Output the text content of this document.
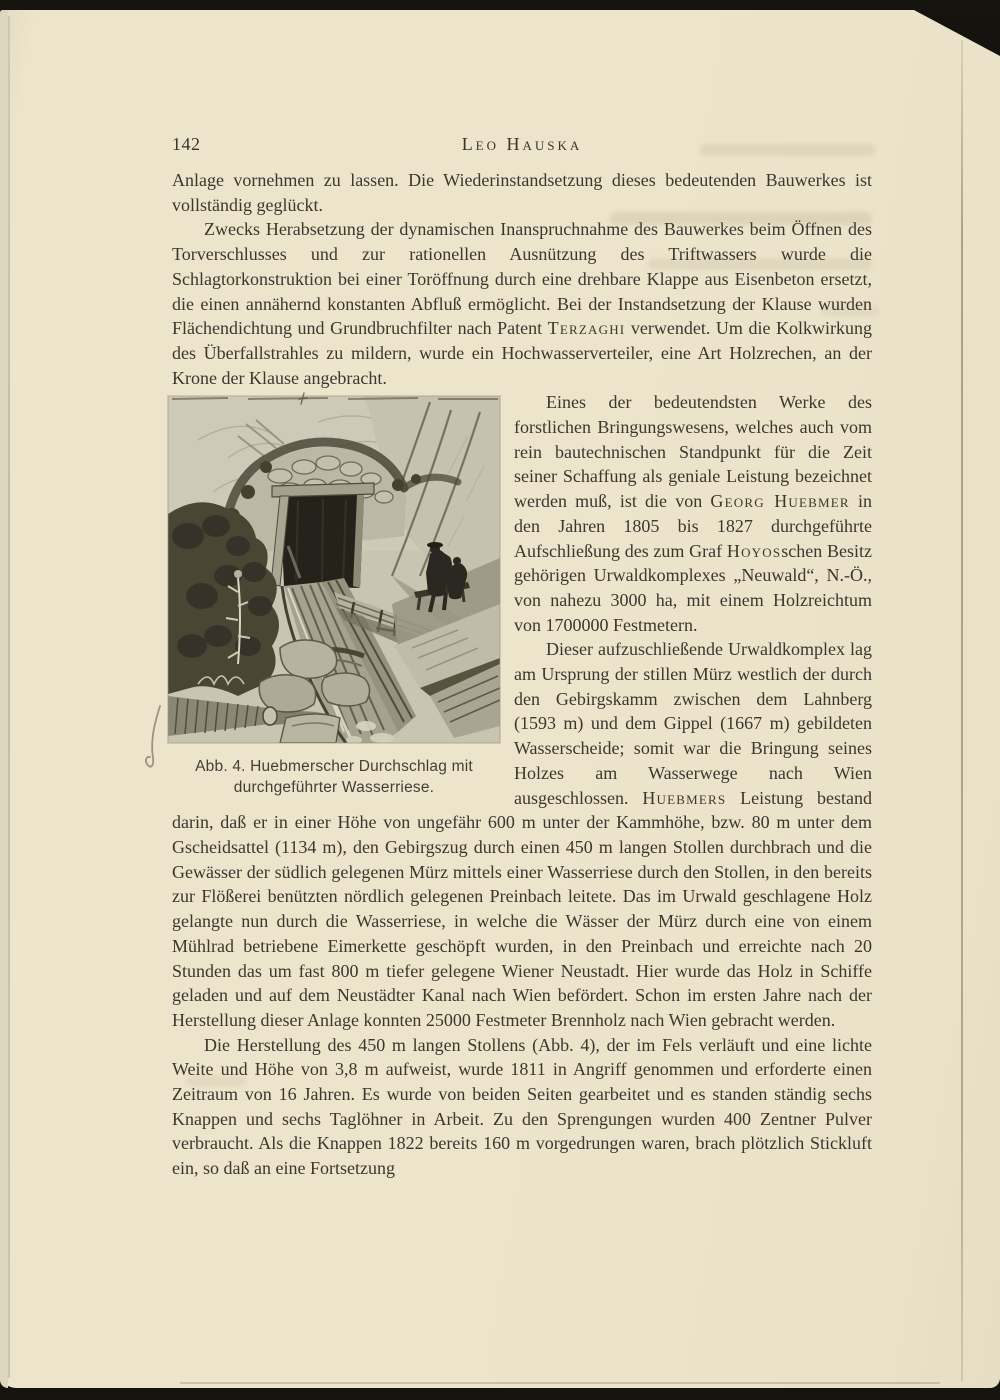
142	Leo Hauska

Anlage vornehmen zu lassen. Die Wiederinstandsetzung dieses bedeutenden Bauwerkes ist vollständig geglückt.

Zwecks Herabsetzung der dynamischen Inanspruchnahme des Bauwerkes beim Öffnen des Torverschlusses und zur rationellen Ausnützung des Triftwassers wurde die Schlagtorkonstruktion bei einer Toröffnung durch eine drehbare Klappe aus Eisenbeton ersetzt, die einen annähernd konstanten Abfluß ermöglicht. Bei der Instandsetzung der Klause wurden Flächendichtung und Grundbruchfilter nach Patent Terzaghi verwendet. Um die Kolkwirkung des Überfallstrahles zu mildern, wurde ein Hochwasserverteiler, eine Art Holzrechen, an der Krone der Klause angebracht.

Abb. 4. Huebmerscher Durchschlag mit
durchgeführter Wasserriese.

Eines der bedeutendsten Werke des forstlichen Bringungswesens, welches auch vom rein bautechnischen Standpunkt für die Zeit seiner Schaffung als geniale Leistung bezeichnet werden muß, ist die von Georg Huebmer in den Jahren 1805 bis 1827 durchgeführte Aufschließung des zum Graf Hoyosschen Besitz gehörigen Urwaldkomplexes „Neuwald“, N.-Ö., von nahezu 3000 ha, mit einem Holzreichtum von 1700000 Festmetern.

Dieser aufzuschließende Urwaldkomplex lag am Ursprung der stillen Mürz westlich der durch den Gebirgskamm zwischen dem Lahnberg (1593 m) und dem Gippel (1667 m) gebildeten Wasserscheide; somit war die Bringung seines Holzes am Wasserwege nach Wien ausgeschlossen. Huebmers Leistung bestand darin, daß er in einer Höhe von ungefähr 600 m unter der Kammhöhe, bzw. 80 m unter dem Gscheidsattel (1134 m), den Gebirgszug durch einen 450 m langen Stollen durchbrach und die Gewässer der südlich gelegenen Mürz mittels einer Wasserriese durch den Stollen, in den bereits zur Flößerei benützten nördlich gelegenen Preinbach leitete. Das im Urwald geschlagene Holz gelangte nun durch die Wasserriese, in welche die Wässer der Mürz durch eine von einem Mühlrad betriebene Eimerkette geschöpft wurden, in den Preinbach und erreichte nach 20 Stunden das um fast 800 m tiefer gelegene Wiener Neustadt. Hier wurde das Holz in Schiffe geladen und auf dem Neustädter Kanal nach Wien befördert. Schon im ersten Jahre nach der Herstellung dieser Anlage konnten 25000 Festmeter Brennholz nach Wien gebracht werden.

Die Herstellung des 450 m langen Stollens (Abb. 4), der im Fels verläuft und eine lichte Weite und Höhe von 3,8 m aufweist, wurde 1811 in Angriff genommen und erforderte einen Zeitraum von 16 Jahren. Es wurde von beiden Seiten gearbeitet und es standen ständig sechs Knappen und sechs Taglöhner in Arbeit. Zu den Sprengungen wurden 400 Zentner Pulver verbraucht. Als die Knappen 1822 bereits 160 m vorgedrungen waren, brach plötzlich Stickluft ein, so daß an eine Fortsetzung
